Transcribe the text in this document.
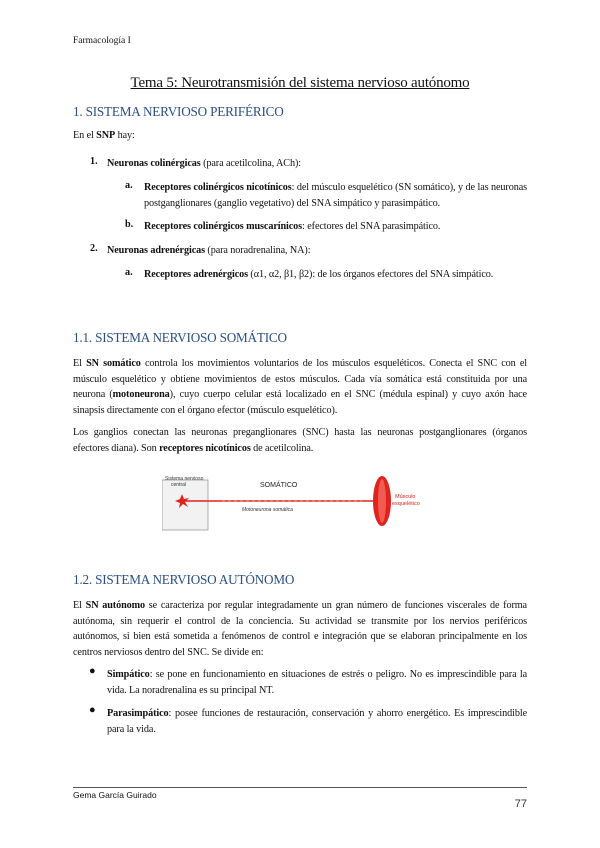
Farmacología I
Tema 5: Neurotransmisión del sistema nervioso autónomo
1. SISTEMA NERVIOSO PERIFÉRICO
En el SNP hay:
1. Neuronas colinérgicas (para acetilcolina, ACh):
a. Receptores colinérgicos nicotínicos: del músculo esquelético (SN somático), y de las neuronas postganglionares (ganglio vegetativo) del SNA simpático y parasimpático.
b. Receptores colinérgicos muscarínicos: efectores del SNA parasimpático.
2. Neuronas adrenérgicas (para noradrenalina, NA):
a. Receptores adrenérgicos (α1, α2, β1, β2): de los órganos efectores del SNA simpático.
1.1. SISTEMA NERVIOSO SOMÁTICO
El SN somático controla los movimientos voluntarios de los músculos esqueléticos. Conecta el SNC con el músculo esquelético y obtiene movimientos de estos músculos. Cada vía somática está constituida por una neurona (motoneurona), cuyo cuerpo celular está localizado en el SNC (médula espinal) y cuyo axón hace sinapsis directamente con el órgano efector (músculo esquelético).
Los ganglios conectan las neuronas preganglionares (SNC) hasta las neuronas postganglionares (órganos efectores diana). Son receptores nicotínicos de acetilcolina.
Sistema nervioso
central	SOMÁTICO
Motoneurona somática
Músculo
esquelético
1.2. SISTEMA NERVIOSO AUTÓNOMO
El SN autónomo se caracteriza por regular integradamente un gran número de funciones viscerales de forma autónoma, sin requerir el control de la conciencia. Su actividad se transmite por los nervios periféricos autónomos, si bien está sometida a fenómenos de control e integración que se elaboran principalmente en los centros nerviosos dentro del SNC. Se divide en:
● Simpático: se pone en funcionamiento en situaciones de estrés o peligro. No es imprescindible para la vida. La noradrenalina es su principal NT.
● Parasimpático: posee funciones de restauración, conservación y ahorro energético. Es imprescindible para la vida.
Gema García Guirado
77
